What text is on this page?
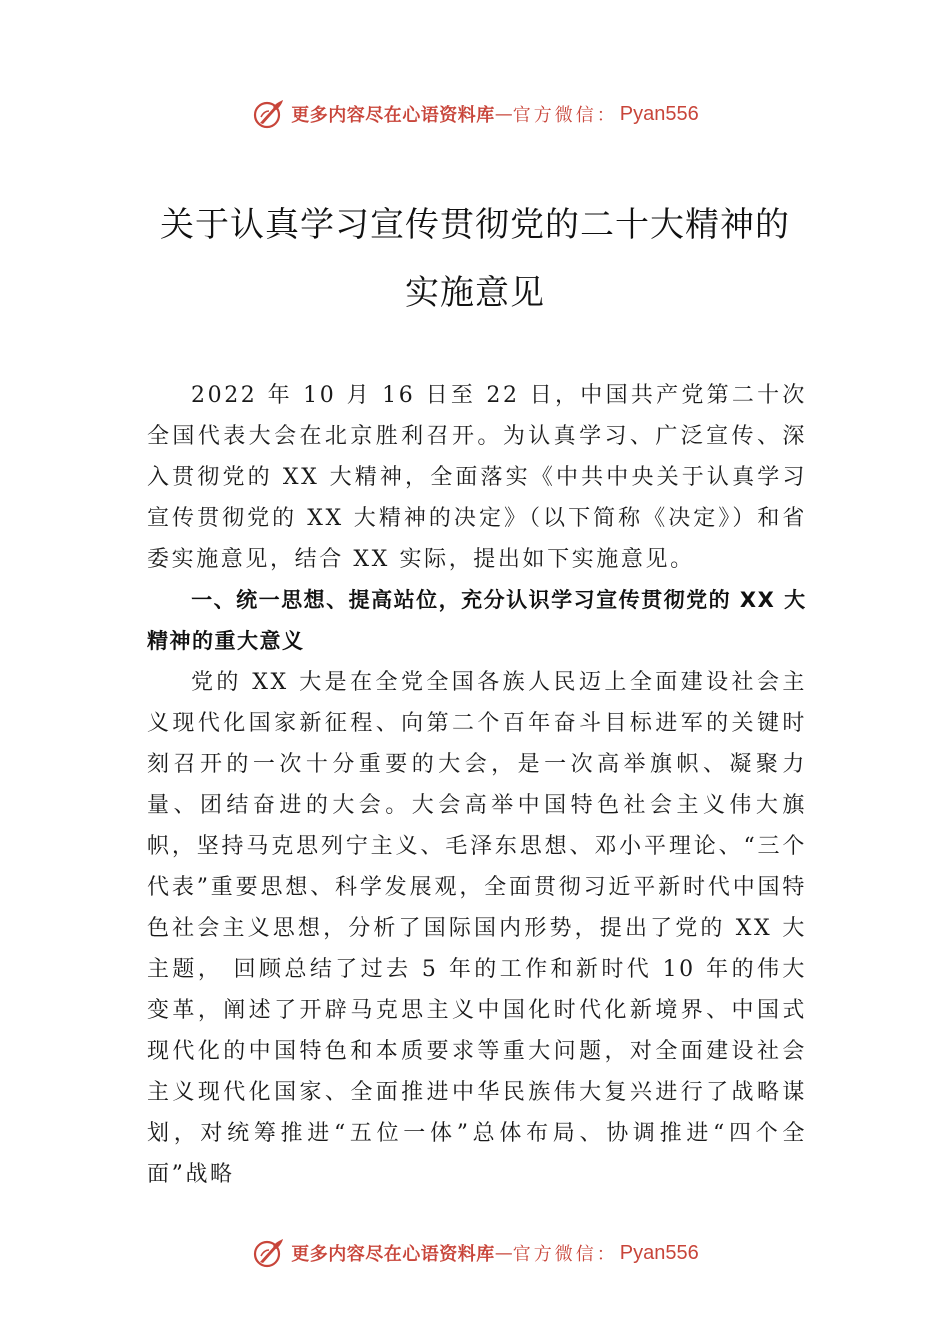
更多内容尽在心语资料库 — 官方微信： Pyan556
关于认真学习宣传贯彻党的二十大精神的
实施意见

2022 年 10 月 16 日至 22 日，中国共产党第二十次全国代表大会在北京胜利召开。为认真学习、广泛宣传、深入贯彻党的 XX 大精神，全面落实《中共中央关于认真学习宣传贯彻党的 XX 大精神的决定》（以下简称《决定》）和省委实施意见，结合 XX 实际，提出如下实施意见。

一、统一思想、提高站位，充分认识学习宣传贯彻党的 XX 大精神的重大意义

党的 XX 大是在全党全国各族人民迈上全面建设社会主义现代化国家新征程、向第二个百年奋斗目标进军的关键时刻召开的一次十分重要的大会，是一次高举旗帜、凝聚力量、团结奋进的大会。大会高举中国特色社会主义伟大旗帜，坚持马克思列宁主义、毛泽东思想、邓小平理论、“三个代表”重要思想、科学发展观，全面贯彻习近平新时代中国特色社会主义思想，分析了国际国内形势，提出了党的 XX 大主题， 回顾总结了过去 5 年的工作和新时代 10 年的伟大变革，阐述了开辟马克思主义中国化时代化新境界、中国式现代化的中国特色和本质要求等重大问题，对全面建设社会主义现代化国家、全面推进中华民族伟大复兴进行了战略谋划，对统筹推进“五位一体”总体布局、协调推进“四个全面”战略

更多内容尽在心语资料库 — 官方微信： Pyan556
